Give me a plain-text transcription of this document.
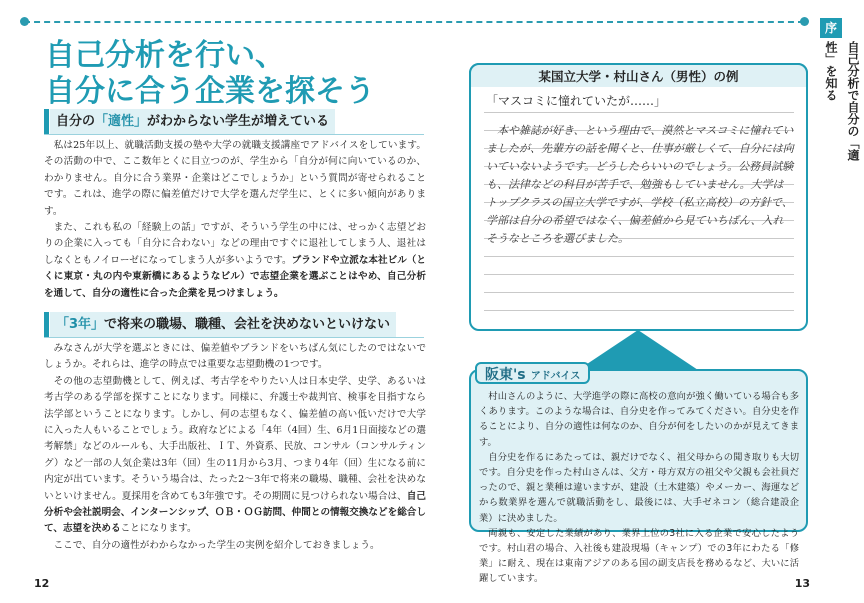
自己分析を行い、
自分に合う企業を探そう
自分の「適性」がわからない学生が増えている

私は25年以上、就職活動支援の塾や大学の就職支援講座でアドバイスをしています。その活動の中で、ここ数年とくに目立つのが、学生から「自分が何に向いているのか、わかりません。自分に合う業界・企業はどこでしょうか」という質問が寄せられることです。これは、進学の際に偏差値だけで大学を選んだ学生に、とくに多い傾向があります。

また、これも私の「経験上の話」ですが、そういう学生の中には、せっかく志望どおりの企業に入っても「自分に合わない」などの理由ですぐに退社してしまう人、退社はしなくともノイローゼになってしまう人が多いようです。ブランドや立派な本社ビル（とくに東京・丸の内や東新橋にあるようなビル）で志望企業を選ぶことはやめ、自己分析を通して、自分の適性に合った企業を見つけましょう。

「3年」で将来の職場、職種、会社を決めないといけない

みなさんが大学を選ぶときには、偏差値やブランドをいちばん気にしたのではないでしょうか。それらは、進学の時点では重要な志望動機の1つです。

その他の志望動機として、例えば、考古学をやりたい人は日本史学、史学、あるいは考古学のある学部を探すことになります。同様に、弁護士や裁判官、検事を目指すなら法学部ということになります。しかし、何の志望もなく、偏差値の高い低いだけで大学に入った人もいることでしょう。政府などによる「4年（4回）生、6月1日面接などの選考解禁」などのルールも、大手出版社、ＩＴ、外資系、民放、コンサル（コンサルティング）など一部の人気企業は3年（回）生の11月から3月、つまり4年（回）生になる前に内定が出ています。そういう場合は、たった2〜3年で将来の職場、職種、会社を決めないといけません。夏採用を含めても3年強です。その期間に見つけられない場合は、自己分析や会社説明会、インターンシップ、ＯＢ・ＯＧ訪問、仲間との情報交換などを総合して、志望を決めることになります。

ここで、自分の適性がわからなかった学生の実例を紹介しておきましょう。

12
序
自己分析で自分の「適性」を知る
某国立大学・村山さん（男性）の例
「マスコミに憧れていたが……」

本や雑誌が好き、という理由で、漠然とマスコミに憧れていましたが、先輩方の話を聞くと、仕事が厳しくて、自分には向いていないようです。どうしたらいいのでしょう。公務員試験も、法律などの科目が苦手で、勉強もしていません。大学はトップクラスの国立大学ですが、学校（私立高校）の方針で、学部は自分の希望ではなく、偏差値から見ていちばん、入れそうなところを選びました。

阪東's アドバイス

村山さんのように、大学進学の際に高校の意向が強く働いている場合も多くあります。このような場合は、自分史を作ってみてください。自分史を作ることにより、自分の適性は何なのか、自分が何をしたいのかが見えてきます。

自分史を作るにあたっては、親だけでなく、祖父母からの聞き取りも大切です。自分史を作った村山さんは、父方・母方双方の祖父や父親も会社員だったので、親と業種は違いますが、建設（土木建築）やメーカー、海運などから数業界を選んで就職活動をし、最後には、大手ゼネコン（総合建設企業）に決めました。

両親も、安定した業績があり、業界上位の3社に入る企業で安心したようです。村山君の場合、入社後も建設現場（キャンプ）での3年にわたる「修業」に耐え、現在は東南アジアのある国の副支店長を務めるなど、大いに活躍しています。	13
